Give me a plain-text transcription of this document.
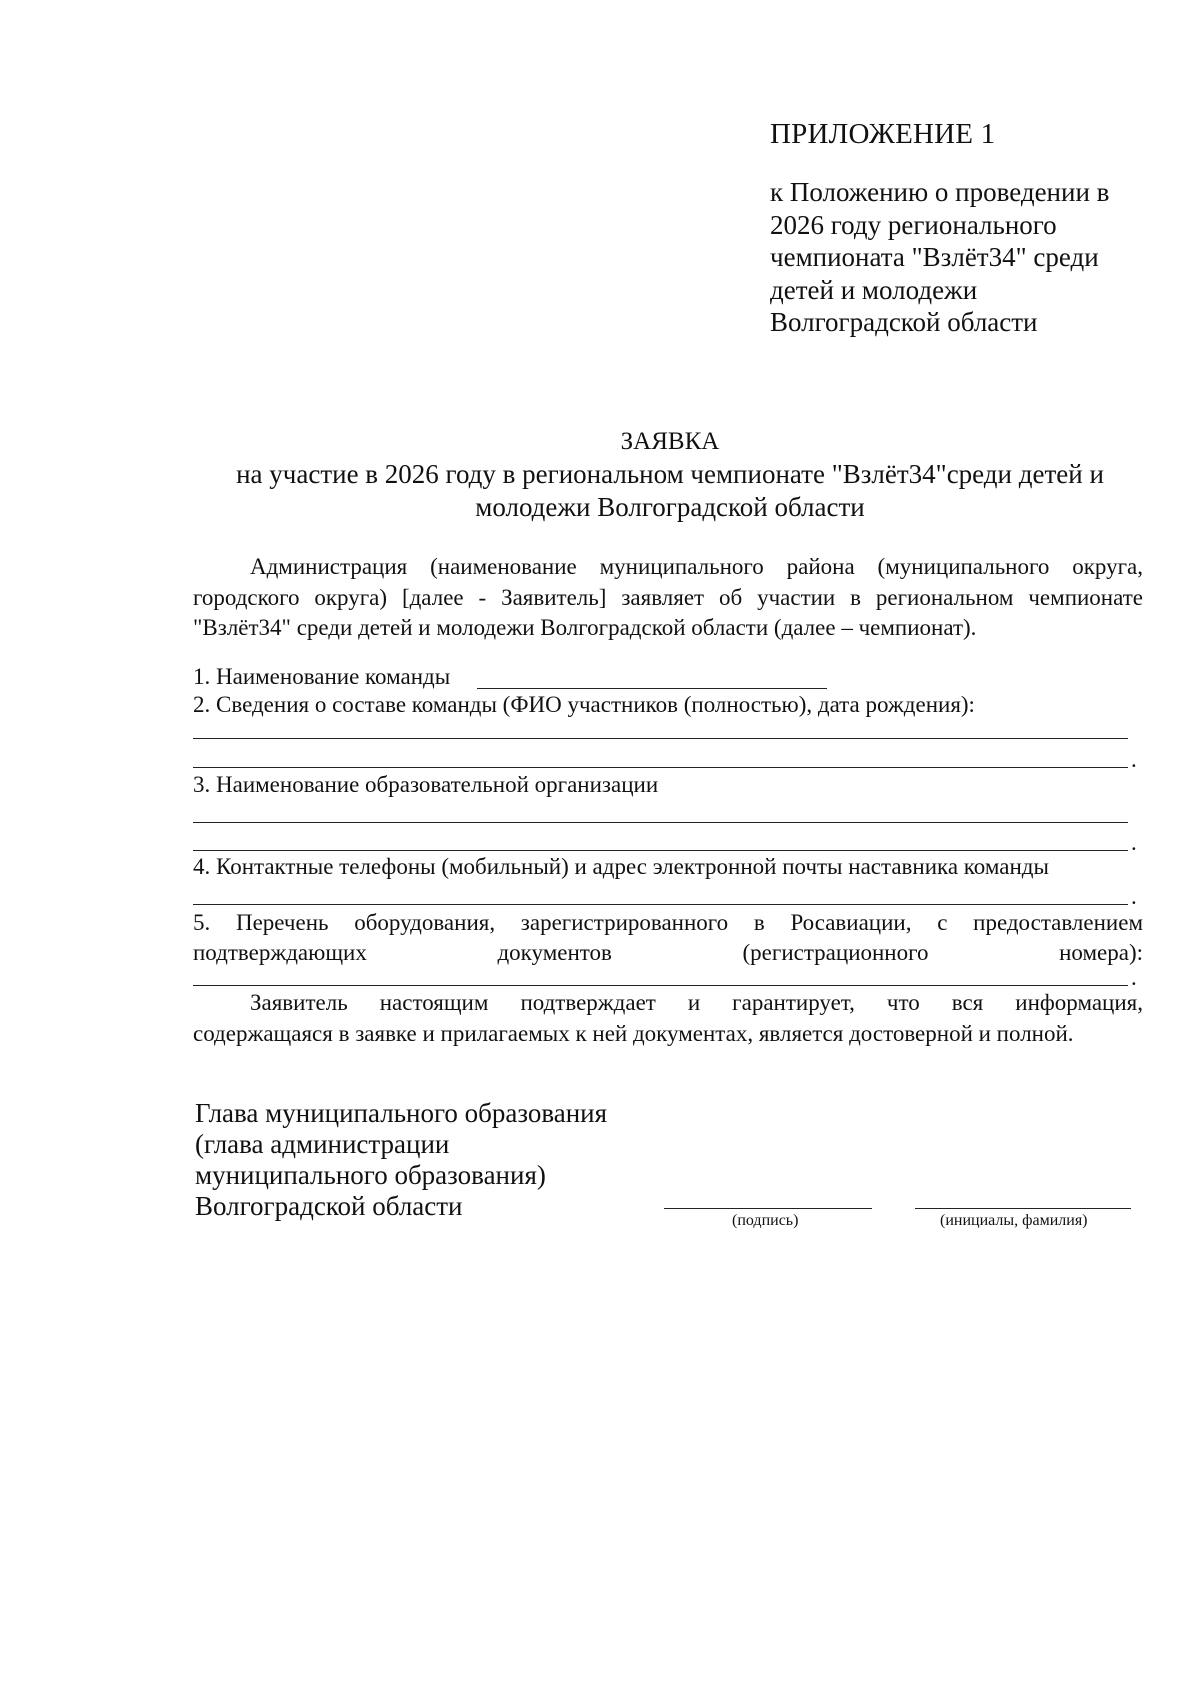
ПРИЛОЖЕНИЕ 1
к Положению о проведении в
2026 году регионального
чемпионата "Взлёт34" среди
детей и молодежи
Волгоградской области
ЗАЯВКА
на участие в 2026 году в региональном чемпионате "Взлёт34"среди детей и
молодежи Волгоградской области
Администрация (наименование муниципального района (муниципального округа,
городского округа) [далее - Заявитель] заявляет об участии в региональном чемпионате
"Взлёт34" среди детей и молодежи Волгоградской области (далее – чемпионат).
1. Наименование команды
2. Сведения о составе команды (ФИО участников (полностью), дата рождения):
.
3. Наименование образовательной организации
.
4. Контактные телефоны (мобильный) и адрес электронной почты наставника команды
.
5. Перечень оборудования, зарегистрированного в Росавиации, с предоставлением
подтверждающих документов (регистрационного номера):
.
Заявитель настоящим подтверждает и гарантирует, что вся информация,
содержащаяся в заявке и прилагаемых к ней документах, является достоверной и полной.
Глава муниципального образования
(глава администрации
муниципального образования)
Волгоградской области	(подпись)	(инициалы, фамилия)
